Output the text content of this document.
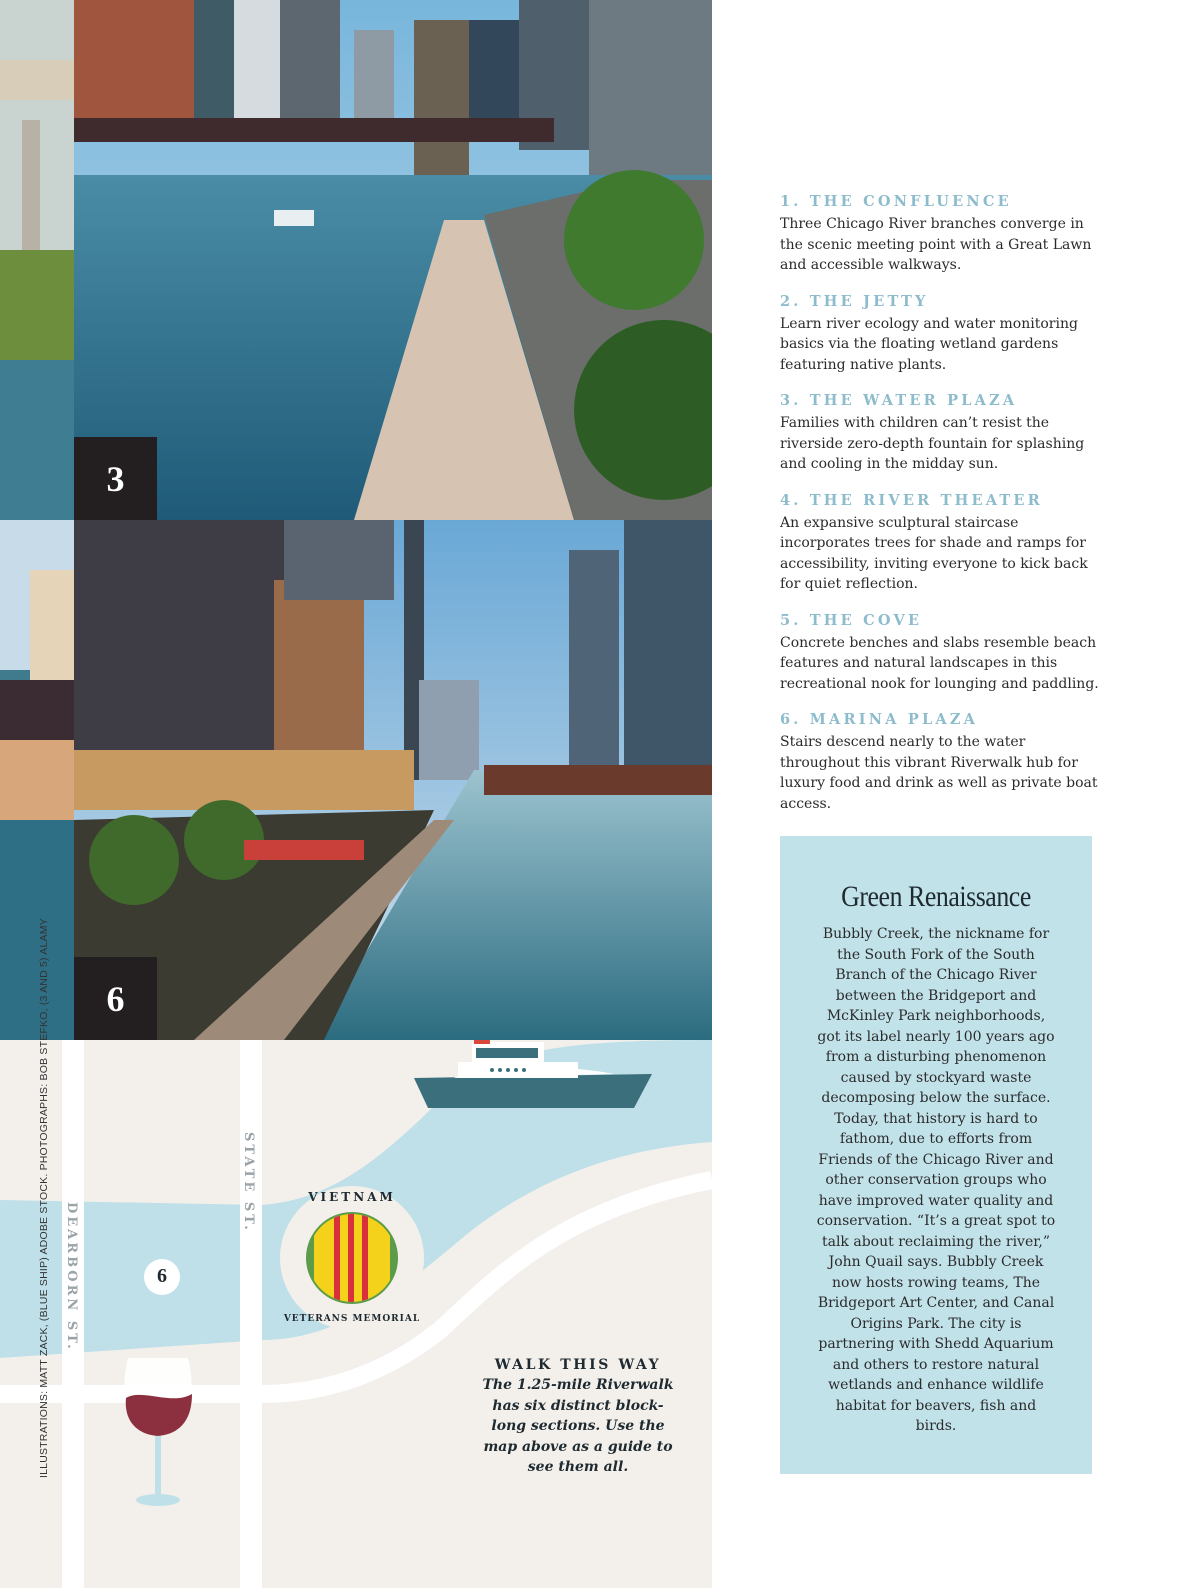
DEARBORN ST.
STATE ST.
6
VIETNAM
VETERANS MEMORIAL
3
6
ILLUSTRATIONS: MATT ZACK, (BLUE SHIP) ADOBE STOCK. PHOTOGRAPHS: BOB STEFKO, (3 AND 5) ALAMY
1. THE CONFLUENCE
Three Chicago River branches converge in the scenic meeting point with a Great Lawn and accessible walkways.
2. THE JETTY
Learn river ecology and water monitoring basics via the floating wetland gardens featuring native plants.
3. THE WATER PLAZA
Families with children can’t resist the riverside zero-depth fountain for splashing and cooling in the midday sun.
4. THE RIVER THEATER
An expansive sculptural staircase incorporates trees for shade and ramps for accessibility, inviting everyone to kick back for quiet reflection.
5. THE COVE
Concrete benches and slabs resemble beach features and natural landscapes in this recreational nook for lounging and paddling.
6. MARINA PLAZA
Stairs descend nearly to the water throughout this vibrant Riverwalk hub for luxury food and drink as well as private boat access.
Green Renaissance

Bubbly Creek, the nickname for the South Fork of the South Branch of the Chicago River between the Bridgeport and McKinley Park neighborhoods, got its label nearly 100 years ago from a disturbing phenomenon caused by stockyard waste decomposing below the surface. Today, that history is hard to fathom, due to efforts from Friends of the Chicago River and other conservation groups who have improved water quality and conservation. “It’s a great spot to talk about reclaiming the river,” John Quail says. Bubbly Creek now hosts rowing teams, The Bridgeport Art Center, and Canal Origins Park. The city is partnering with Shedd Aquarium and others to restore natural wetlands and enhance wildlife habitat for beavers, fish and birds.

WALK THIS WAY
The 1.25-mile Riverwalk has six distinct block-long sections. Use the map above as a guide to see them all.
